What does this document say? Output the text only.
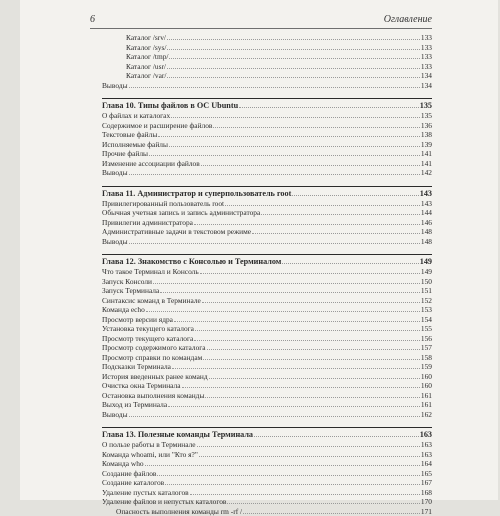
6	Оглавление
Каталог /srv/	133
Каталог /sys/	133
Каталог /tmp/	133
Каталог /usr/	133
Каталог /var/	134
Выводы	134
Глава 10. Типы файлов в ОС Ubuntu	135
О файлах и каталогах	135
Содержимое и расширение файлов	136
Текстовые файлы	138
Исполняемые файлы	139
Прочие файлы	141
Изменение ассоциации файлов	141
Выводы	142
Глава 11. Администратор и суперпользователь root	143
Привилегированный пользователь root	143
Обычная учетная запись и запись администратора	144
Привилегии администратора	146
Административные задачи в текстовом режиме	148
Выводы	148
Глава 12. Знакомство с Консолью и Терминалом	149
Что такое Терминал и Консоль	149
Запуск Консоли	150
Запуск Терминала	151
Синтаксис команд в Терминале	152
Команда echo	153
Просмотр версии ядра	154
Установка текущего каталога	155
Просмотр текущего каталога	156
Просмотр содержимого каталога	157
Просмотр справки по командам	158
Подсказки Терминала	159
История введенных ранее команд	160
Очистка окна Терминала	160
Остановка выполнения команды	161
Выход из Терминала	161
Выводы	162
Глава 13. Полезные команды Терминала	163
О пользе работы в Терминале	163
Команда whoami, или "Кто я?"	163
Команда who	164
Создание файлов	165
Создание каталогов	167
Удаление пустых каталогов	168
Удаление файлов и непустых каталогов	170
Опасность выполнения команды rm -rf /	171
